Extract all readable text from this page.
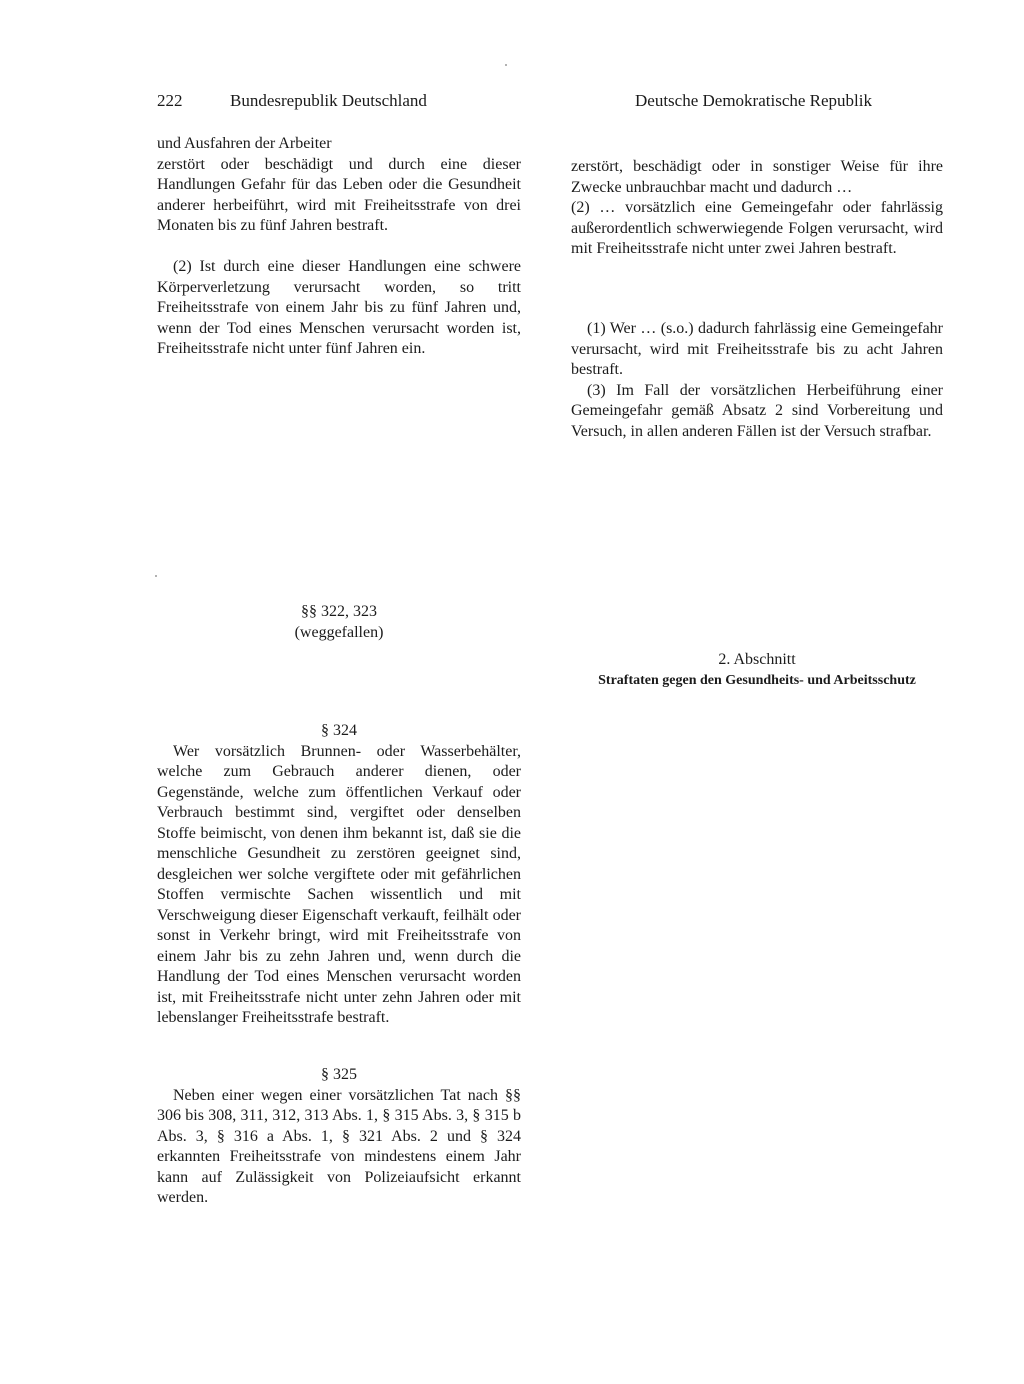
222	Bundesrepublik Deutschland	Deutsche Demokratische Republik

und Ausfahren der Arbeiter

zerstört oder beschädigt und durch eine dieser Handlungen Gefahr für das Leben oder die Gesundheit anderer herbeiführt, wird mit Freiheitsstrafe von drei Monaten bis zu fünf Jahren bestraft.

(2) Ist durch eine dieser Handlungen eine schwere Körperverletzung verursacht worden, so tritt Freiheitsstrafe von einem Jahr bis zu fünf Jahren und, wenn der Tod eines Menschen verursacht worden ist, Freiheitsstrafe nicht unter fünf Jahren ein.

§§ 322, 323

(weggefallen)

§ 324

Wer vorsätzlich Brunnen- oder Wasserbehälter, welche zum Gebrauch anderer dienen, oder Gegenstände, welche zum öffentlichen Verkauf oder Verbrauch bestimmt sind, vergiftet oder denselben Stoffe beimischt, von denen ihm bekannt ist, daß sie die menschliche Gesundheit zu zerstören geeignet sind, desgleichen wer solche vergiftete oder mit gefährlichen Stoffen vermischte Sachen wissentlich und mit Verschweigung dieser Eigenschaft verkauft, feilhält oder sonst in Verkehr bringt, wird mit Freiheitsstrafe von einem Jahr bis zu zehn Jahren und, wenn durch die Handlung der Tod eines Menschen verursacht worden ist, mit Freiheitsstrafe nicht unter zehn Jahren oder mit lebenslanger Freiheitsstrafe bestraft.

§ 325

Neben einer wegen einer vorsätzlichen Tat nach §§ 306 bis 308, 311, 312, 313 Abs. 1, § 315 Abs. 3, § 315 b Abs. 3, § 316 a Abs. 1, § 321 Abs. 2 und § 324 erkannten Freiheitsstrafe von mindestens einem Jahr kann auf Zulässigkeit von Polizeiaufsicht erkannt werden.

zerstört, beschädigt oder in sonstiger Weise für ihre Zwecke unbrauchbar macht und dadurch …

(2) … vorsätzlich eine Gemeingefahr oder fahrlässig außerordentlich schwerwiegende Folgen verursacht, wird mit Freiheitsstrafe nicht unter zwei Jahren bestraft.

(1) Wer … (s.o.) dadurch fahrlässig eine Gemeingefahr verursacht, wird mit Freiheitsstrafe bis zu acht Jahren bestraft.

(3) Im Fall der vorsätzlichen Herbeiführung einer Gemeingefahr gemäß Absatz 2 sind Vorbereitung und Versuch, in allen anderen Fällen ist der Versuch strafbar.

2. Abschnitt

Straftaten gegen den Gesundheits- und Arbeitsschutz
